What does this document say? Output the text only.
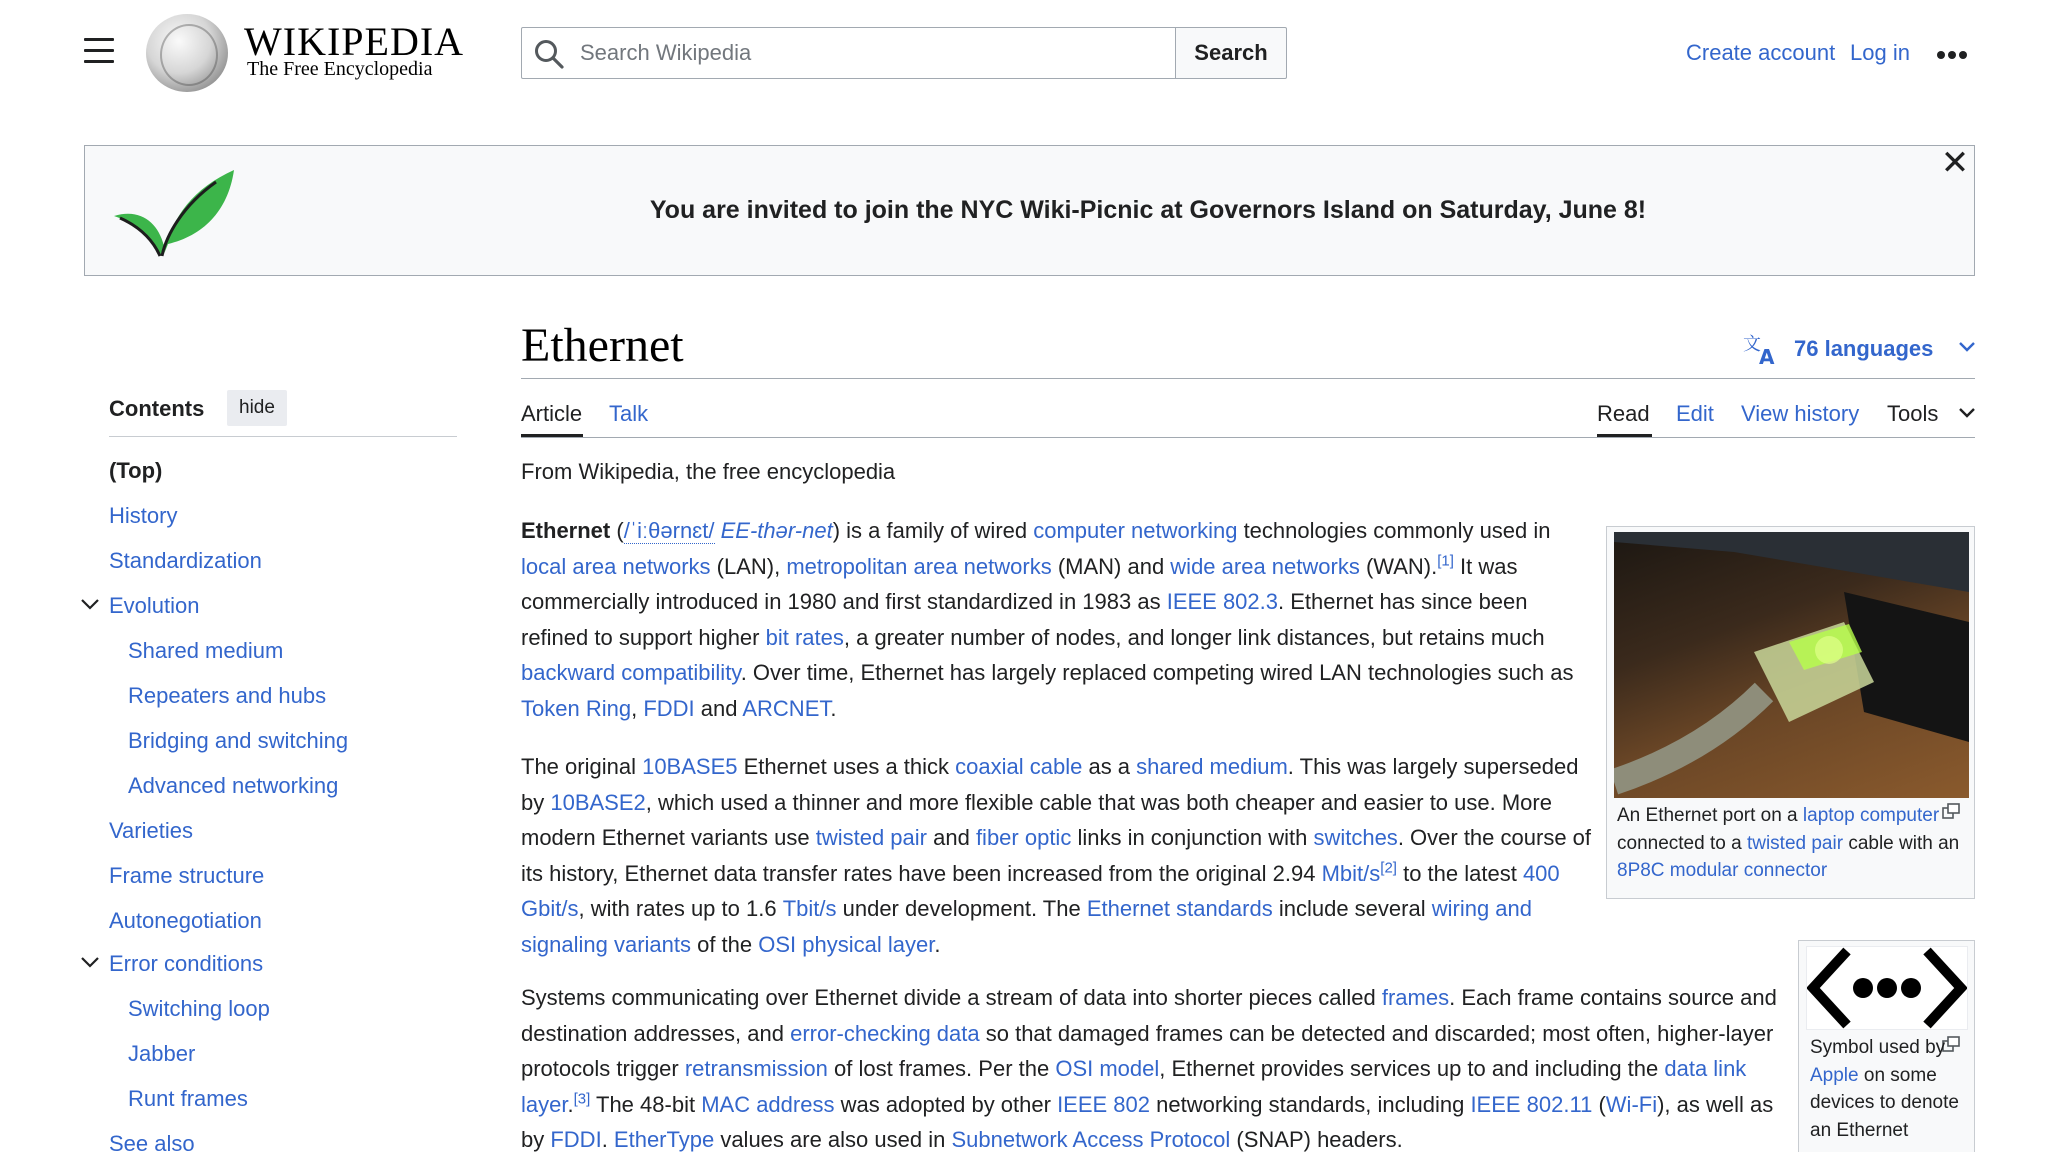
WIKIPEDIA
The Free Encyclopedia
Search Wikipedia
Search	Create account Log in
You are invited to join the NYC Wiki-Picnic at Governors Island on Saturday, June 8!
✕
Contents	hide
(Top)
History
Standardization
Evolution
Shared medium
Repeaters and hubs
Bridging and switching
Advanced networking
Varieties
Frame structure
Autonegotiation
Error conditions
Switching loop
Jabber
Runt frames
See also
Ethernet	文
A 76 languages
Article Talk	Read Edit View history Tools
From Wikipedia, the free encyclopedia
Ethernet (/ˈiːθərnɛt/ EE-thər-net) is a family of wired computer networking technologies commonly used in local area networks (LAN), metropolitan area networks (MAN) and wide area networks (WAN).[1] It was commercially introduced in 1980 and first standardized in 1983 as IEEE 802.3. Ethernet has since been refined to support higher bit rates, a greater number of nodes, and longer link distances, but retains much backward compatibility. Over time, Ethernet has largely replaced competing wired LAN technologies such as Token Ring, FDDI and ARCNET.
The original 10BASE5 Ethernet uses a thick coaxial cable as a shared medium. This was largely superseded by 10BASE2, which used a thinner and more flexible cable that was both cheaper and easier to use. More modern Ethernet variants use twisted pair and fiber optic links in conjunction with switches. Over the course of its history, Ethernet data transfer rates have been increased from the original 2.94 Mbit/s[2] to the latest 400 Gbit/s, with rates up to 1.6 Tbit/s under development. The Ethernet standards include several wiring and signaling variants of the OSI physical layer.
Systems communicating over Ethernet divide a stream of data into shorter pieces called frames. Each frame contains source and destination addresses, and error-checking data so that damaged frames can be detected and discarded; most often, higher-layer protocols trigger retransmission of lost frames. Per the OSI model, Ethernet provides services up to and including the data link layer.[3] The 48-bit MAC address was adopted by other IEEE 802 networking standards, including IEEE 802.11 (Wi-Fi), as well as by FDDI. EtherType values are also used in Subnetwork Access Protocol (SNAP) headers.
An Ethernet port on a laptop computer connected to a twisted pair cable with an 8P8C modular connector
Symbol used by Apple on some devices to denote an Ethernet
